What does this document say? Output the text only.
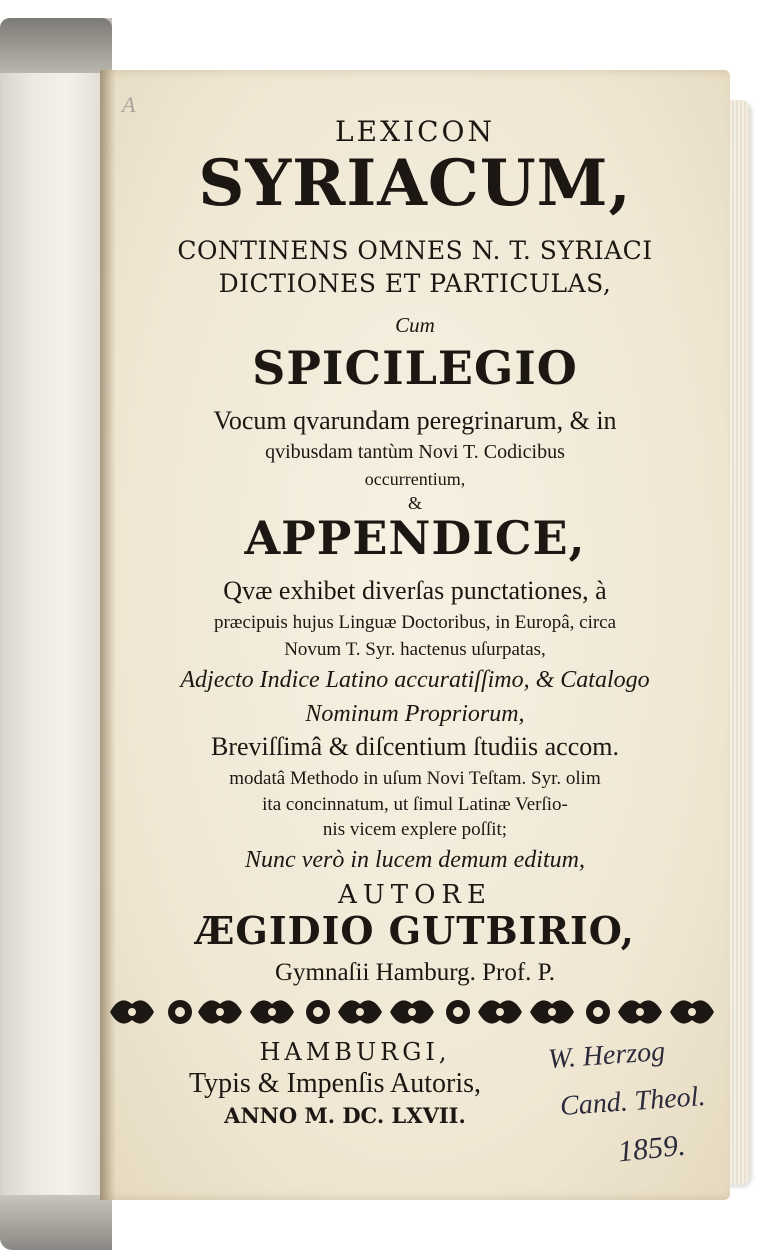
A
LEXICON
SYRIACUM,
CONTINENS OMNES N. T. SYRIACI
DICTIONES ET PARTICULAS,
Cum
SPICILEGIO
Vocum qvarundam peregrinarum, & in
qvibusdam tantùm Novi T. Codicibus
occurrentium,
&
APPENDICE,
Qvæ exhibet diverſas punctationes, à
præcipuis hujus Linguæ Doctoribus, in Europâ, circa
Novum T. Syr. hactenus uſurpatas,
Adjecto Indice Latino accuratiſſimo, & Catalogo
Nominum Propriorum,
Breviſſimâ & diſcentium ſtudiis accom.
modatâ Methodo in uſum Novi Teſtam. Syr. olim
ita concinnatum, ut ſimul Latinæ Verſio-
nis vicem explere poſſit;
Nunc verò in lucem demum editum,
AUTORE
ÆGIDIO GUTBIRIO,
Gymnaſii Hamburg. Prof. P.
HAMBURGI,
Typis & Impenſis Autoris,
ANNO M. DC. LXVII.
W. Herzog
Cand. Theol.
1859.
